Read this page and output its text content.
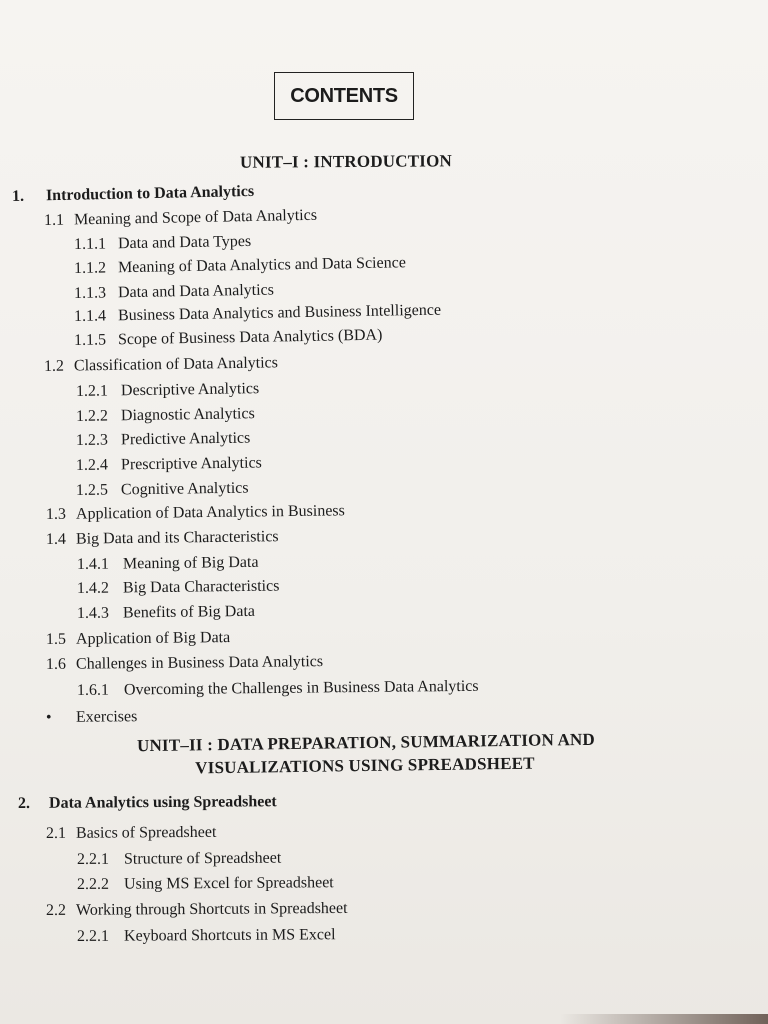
CONTENTS
UNIT–I : INTRODUCTION
1. Introduction to Data Analytics
1.1 Meaning and Scope of Data Analytics
1.1.1 Data and Data Types
1.1.2 Meaning of Data Analytics and Data Science
1.1.3 Data and Data Analytics
1.1.4 Business Data Analytics and Business Intelligence
1.1.5 Scope of Business Data Analytics (BDA)
1.2 Classification of Data Analytics
1.2.1 Descriptive Analytics
1.2.2 Diagnostic Analytics
1.2.3 Predictive Analytics
1.2.4 Prescriptive Analytics
1.2.5 Cognitive Analytics
1.3 Application of Data Analytics in Business
1.4 Big Data and its Characteristics
1.4.1 Meaning of Big Data
1.4.2 Big Data Characteristics
1.4.3 Benefits of Big Data
1.5 Application of Big Data
1.6 Challenges in Business Data Analytics
1.6.1 Overcoming the Challenges in Business Data Analytics
• Exercises
UNIT–II : DATA PREPARATION, SUMMARIZATION AND
VISUALIZATIONS USING SPREADSHEET
2. Data Analytics using Spreadsheet
2.1 Basics of Spreadsheet
2.2.1 Structure of Spreadsheet
2.2.2 Using MS Excel for Spreadsheet
2.2 Working through Shortcuts in Spreadsheet
2.2.1 Keyboard Shortcuts in MS Excel
